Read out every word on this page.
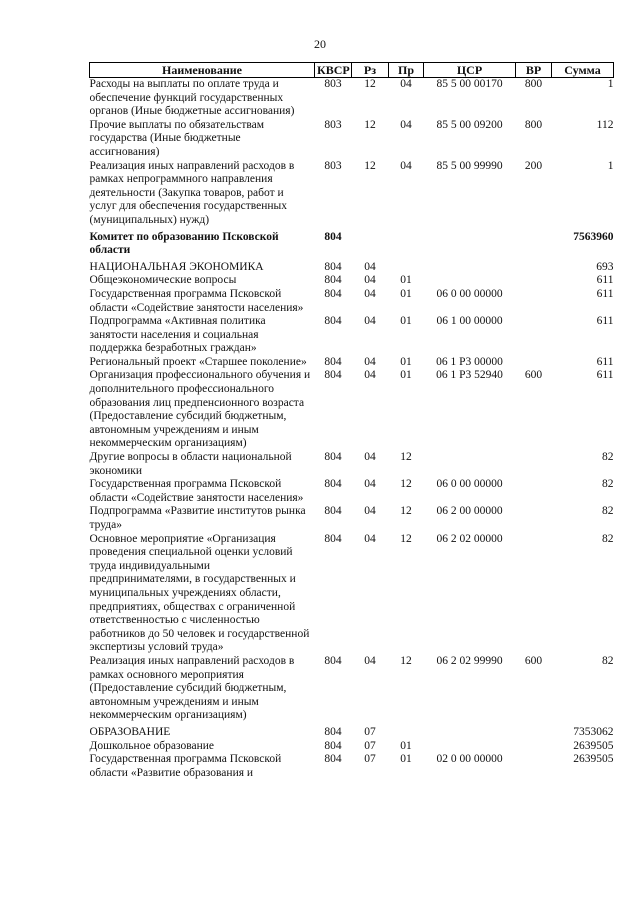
20
Наименование	КВСР	Рз	Пр	ЦСР	ВР	Сумма
Расходы на выплаты по оплате труда и обеспечение функций государственных органов (Иные бюджетные ассигнования)	803	12	04	85 5 00 00170	800	1
Прочие выплаты по обязательствам государства (Иные бюджетные ассигнования)	803	12	04	85 5 00 09200	800	112
Реализация иных направлений расходов в рамках непрограммного направления деятельности (Закупка товаров, работ и услуг для обеспечения государственных (муниципальных) нужд)	803	12	04	85 5 00 99990	200	1
Комитет по образованию Псковской области	804					7563960
НАЦИОНАЛЬНАЯ ЭКОНОМИКА	804	04				693
Общеэкономические вопросы	804	04	01			611
Государственная программа Псковской области «Содействие занятости населения»	804	04	01	06 0 00 00000		611
Подпрограмма «Активная политика занятости населения и социальная поддержка безработных граждан»	804	04	01	06 1 00 00000		611
Региональный проект «Старшее поколение»	804	04	01	06 1 P3 00000		611
Организация профессионального обучения и дополнительного профессионального образования лиц предпенсионного возраста (Предоставление субсидий бюджетным, автономным учреждениям и иным некоммерческим организациям)	804	04	01	06 1 P3 52940	600	611
Другие вопросы в области национальной экономики	804	04	12			82
Государственная программа Псковской области «Содействие занятости населения»	804	04	12	06 0 00 00000		82
Подпрограмма «Развитие институтов рынка труда»	804	04	12	06 2 00 00000		82
Основное мероприятие «Организация проведения специальной оценки условий труда индивидуальными предпринимателями, в государственных и муниципальных учреждениях области, предприятиях, обществах с ограниченной ответственностью с численностью работников до 50 человек и государственной экспертизы условий труда»	804	04	12	06 2 02 00000		82
Реализация иных направлений расходов в рамках основного мероприятия (Предоставление субсидий бюджетным, автономным учреждениям и иным некоммерческим организациям)	804	04	12	06 2 02 99990	600	82
ОБРАЗОВАНИЕ	804	07				7353062
Дошкольное образование	804	07	01			2639505
Государственная программа Псковской области «Развитие образования и	804	07	01	02 0 00 00000		2639505
